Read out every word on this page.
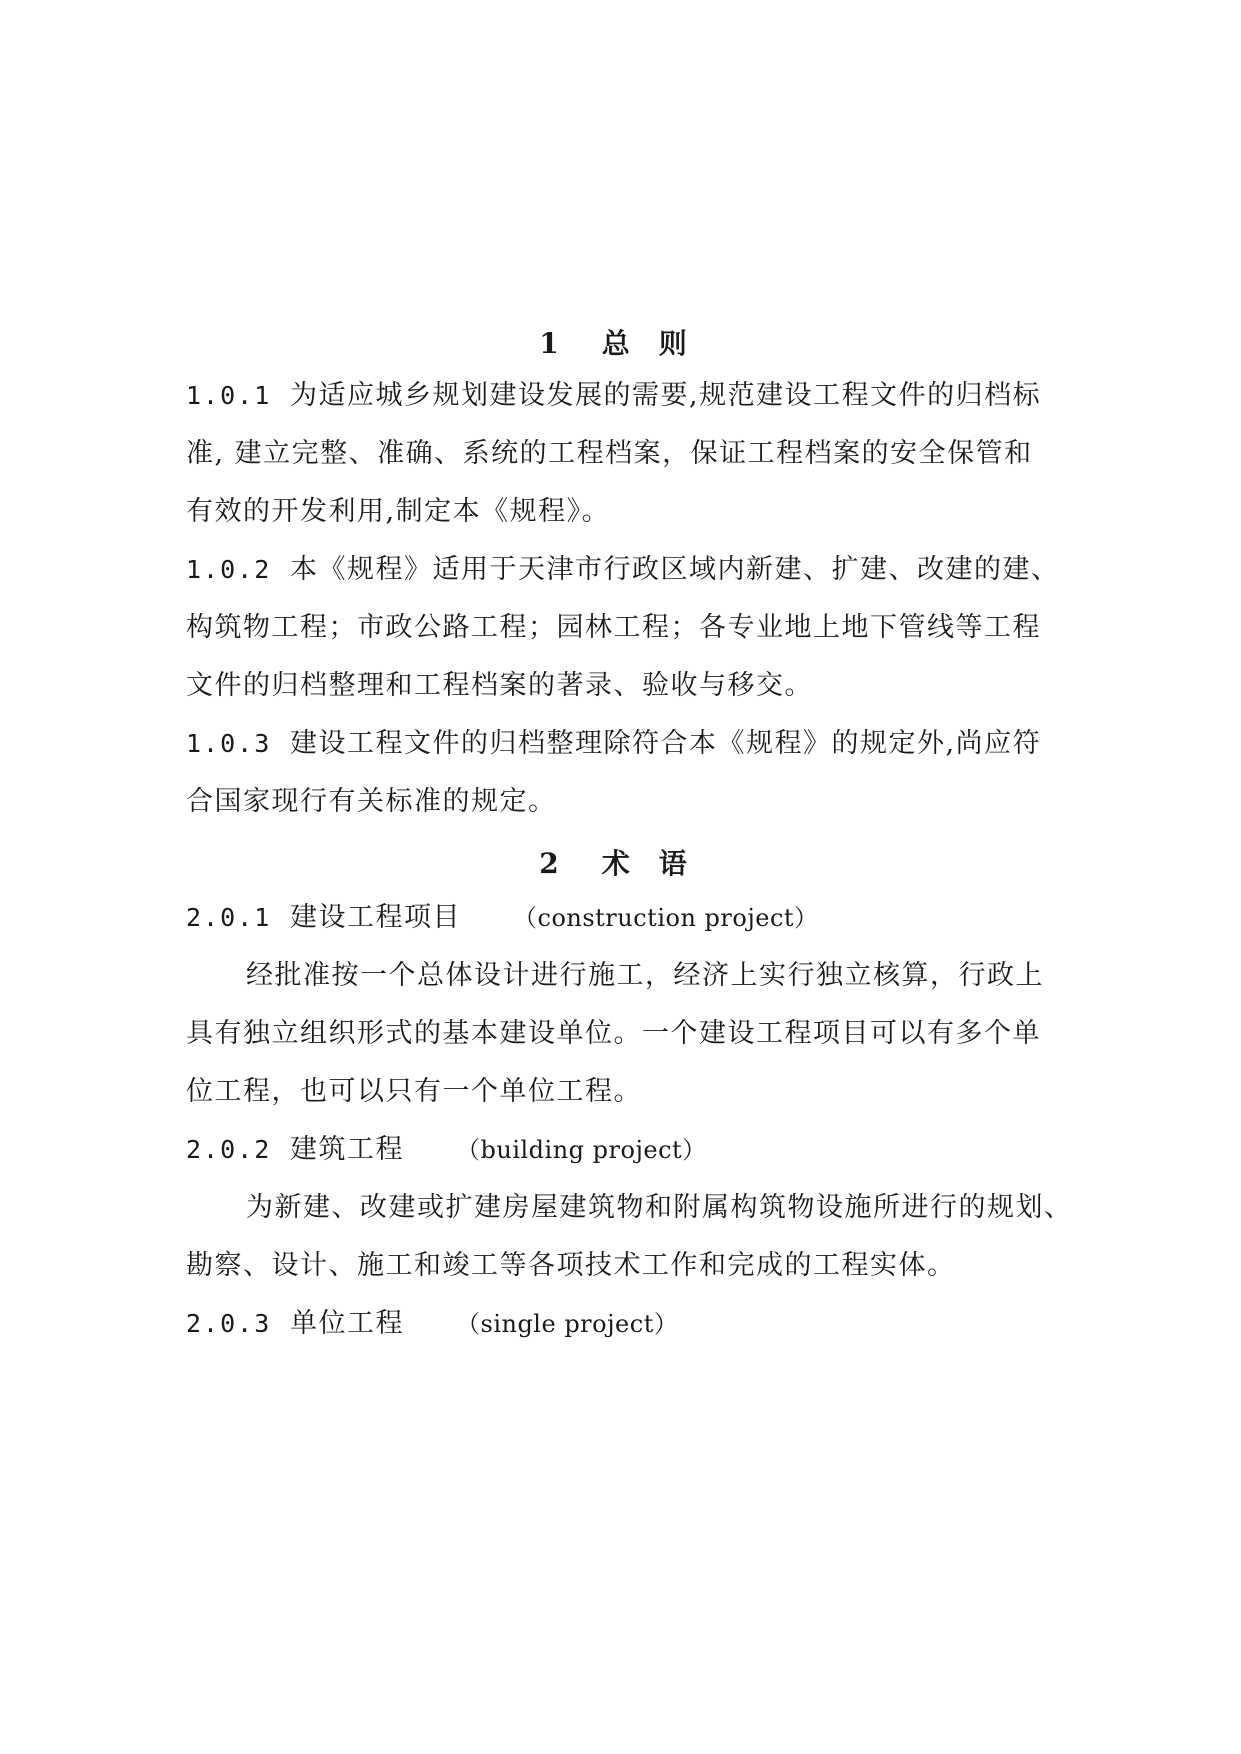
1 总 则
1.0.1 为适应城乡规划建设发展的需要,规范建设工程文件的归档标
准, 建立完整、准确、系统的工程档案，保证工程档案的安全保管和
有效的开发利用,制定本《规程》。
1.0.2 本《规程》适用于天津市行政区域内新建、扩建、改建的建、
构筑物工程；市政公路工程；园林工程；各专业地上地下管线等工程
文件的归档整理和工程档案的著录、验收与移交。
1.0.3 建设工程文件的归档整理除符合本《规程》的规定外,尚应符
合国家现行有关标准的规定。
2 术 语
2.0.1 建设工程项目 （construction project）
经批准按一个总体设计进行施工，经济上实行独立核算，行政上
具有独立组织形式的基本建设单位。一个建设工程项目可以有多个单
位工程，也可以只有一个单位工程。
2.0.2 建筑工程 （building project）
为新建、改建或扩建房屋建筑物和附属构筑物设施所进行的规划、
勘察、设计、施工和竣工等各项技术工作和完成的工程实体。
2.0.3 单位工程 （single project）
